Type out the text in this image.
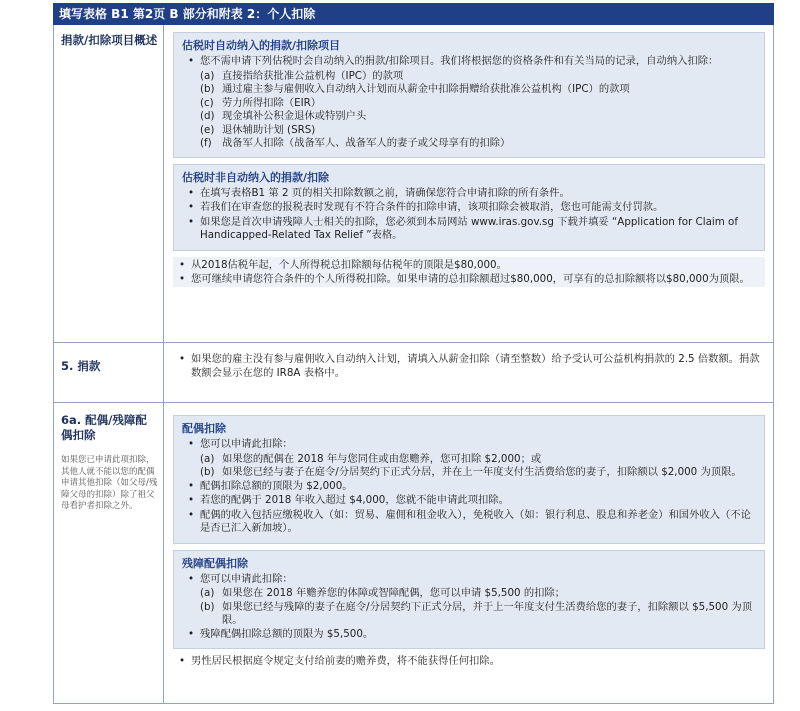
填写表格 B1 第2页 B 部分和附表 2：个人扣除
捐款/扣除项目概述 估税时自动纳入的捐款/扣除项目
• 您不需申请下列估税时会自动纳入的捐款/扣除项目。我们将根据您的资格条件和有关当局的记录，自动纳入扣除：
(a) 直接指给获批准公益机构（IPC）的款项
(b) 通过雇主参与雇佣收入自动纳入计划而从薪金中扣除捐赠给获批准公益机构（IPC）的款项
(c) 劳力所得扣除（EIR）
(d) 现金填补公积金退休或特别户头
(e) 退休辅助计划 (SRS)
(f)	战备军人扣除（战备军人、战备军人的妻子或父母享有的扣除）
估税时非自动纳入的捐款/扣除
• 在填写表格B1 第 2 页的相关扣除数额之前，请确保您符合申请扣除的所有条件。
• 若我们在审查您的报税表时发现有不符合条件的扣除申请，该项扣除会被取消，您也可能需支付罚款。
• 如果您是首次申请残障人士相关的扣除，您必须到本局网站 www.iras.gov.sg 下载并填妥 “Application for Claim of Handicapped-Related Tax Relief ”表格。
• 从2018估税年起，个人所得税总扣除额每估税年的顶限是$80,000。
• 您可继续申请您符合条件的个人所得税扣除。如果申请的总扣除额超过$80,000，可享有的总扣除额将以$80,000为顶限。
5. 捐款	• 如果您的雇主没有参与雇佣收入自动纳入计划，请填入从薪金扣除（请至整数）给予受认可公益机构捐款的 2.5 倍数额。捐款数额会显示在您的 IR8A 表格中。
6a. 配偶/残障配偶扣除
如果您已申请此项扣除，其他人就不能以您的配偶申请其他扣除（如父母/残障父母的扣除）除了祖父母看护者扣除之外。
配偶扣除
• 您可以申请此扣除：
(a) 如果您的配偶在 2018 年与您同住或由您赡养，您可扣除 $2,000；或
(b) 如果您已经与妻子在庭令/分居契约下正式分居，并在上一年度支付生活费给您的妻子，扣除额以 $2,000 为顶限。
• 配偶扣除总额的顶限为 $2,000。
• 若您的配偶于 2018 年收入超过 $4,000，您就不能申请此项扣除。
• 配偶的收入包括应缴税收入（如：贸易、雇佣和租金收入），免税收入（如：银行利息、股息和养老金）和国外收入（不论是否已汇入新加坡）。
残障配偶扣除
• 您可以申请此扣除：
(a) 如果您在 2018 年赡养您的体障或智障配偶，您可以申请 $5,500 的扣除；
(b) 如果您已经与残障的妻子在庭令/分居契约下正式分居，并于上一年度支付生活费给您的妻子，扣除额以 $5,500 为顶限。
• 残障配偶扣除总额的顶限为 $5,500。
• 男性居民根据庭令规定支付给前妻的赡养费，将不能获得任何扣除。
